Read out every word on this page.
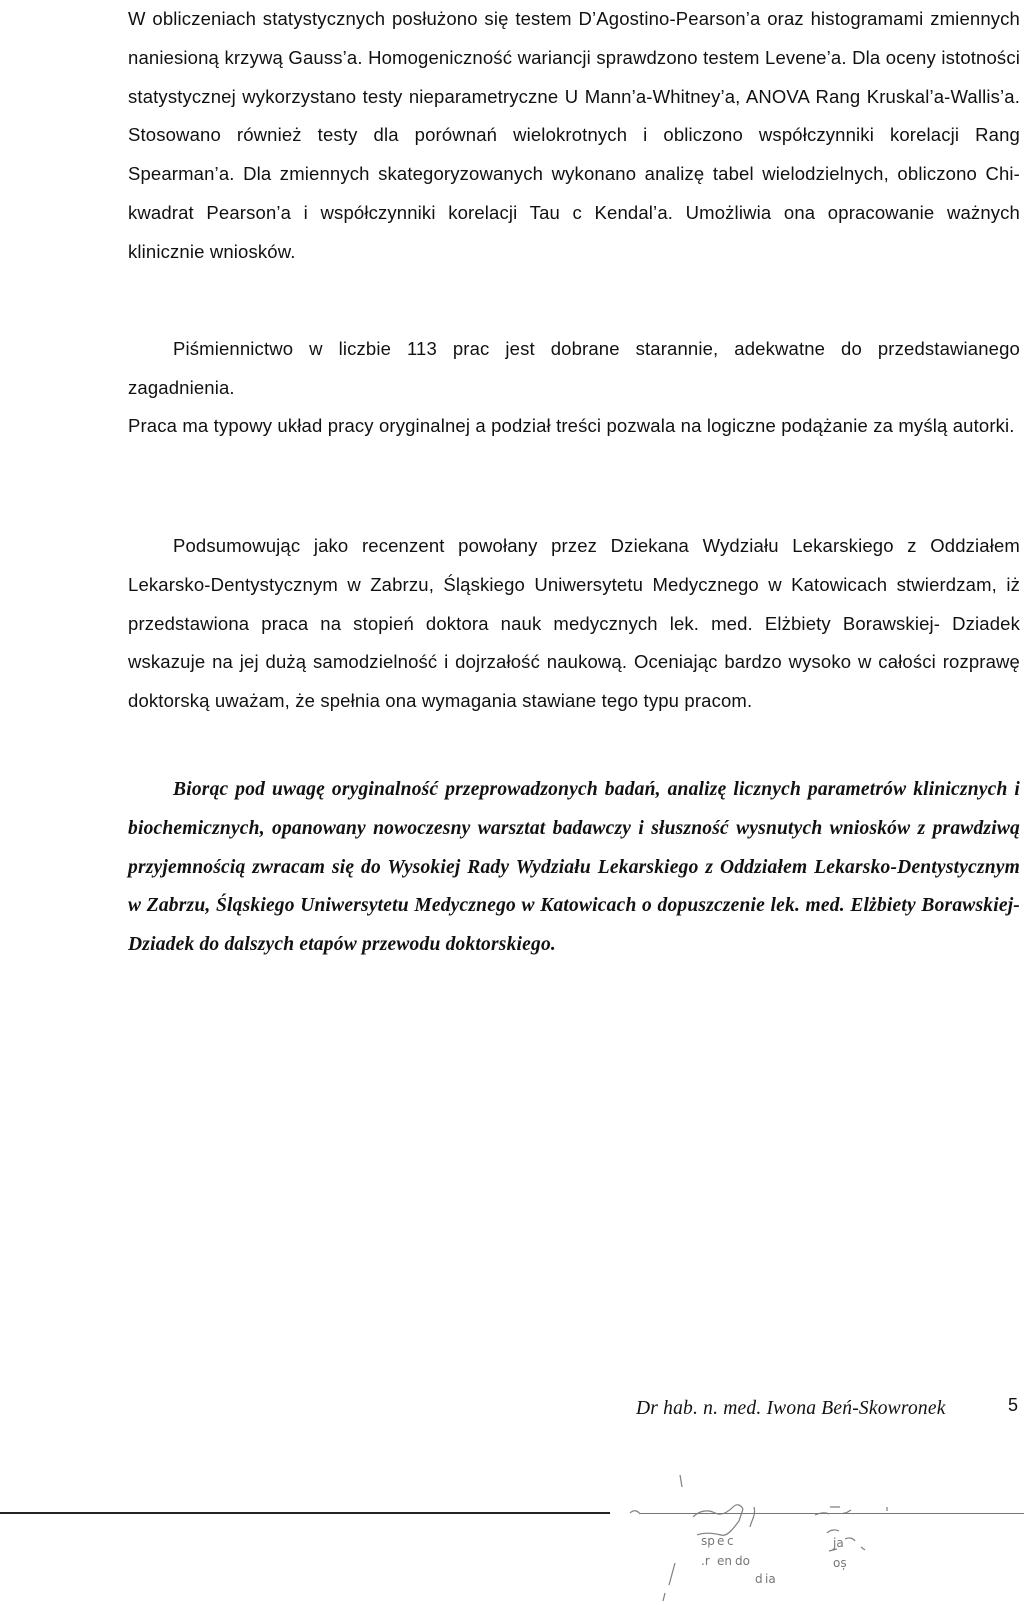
W obliczeniach statystycznych posłużono się testem D’Agostino-Pearson’a oraz histogramami zmiennych naniesioną krzywą Gauss’a. Homogeniczność wariancji sprawdzono testem Levene’a. Dla oceny istotności statystycznej wykorzystano testy nieparametryczne U Mann’a-Whitney’a, ANOVA Rang Kruskal’a-Wallis’a. Stosowano również testy dla porównań wielokrotnych i obliczono współczynniki korelacji Rang Spearman’a. Dla zmiennych skategoryzowanych wykonano analizę tabel wielodzielnych, obliczono Chi-kwadrat Pearson’a i współczynniki korelacji Tau c Kendal’a. Umożliwia ona opracowanie ważnych klinicznie wniosków.

Piśmiennictwo w liczbie 113 prac jest dobrane starannie, adekwatne do przedstawianego zagadnienia.

Praca ma typowy układ pracy oryginalnej a podział treści pozwala na logiczne podążanie za myślą autorki.

Podsumowując jako recenzent powołany przez Dziekana Wydziału Lekarskiego z Oddziałem Lekarsko-Dentystycznym w Zabrzu, Śląskiego Uniwersytetu Medycznego w Katowicach stwierdzam, iż przedstawiona praca na stopień doktora nauk medycznych lek. med. Elżbiety Borawskiej- Dziadek wskazuje na jej dużą samodzielność i dojrzałość naukową. Oceniając bardzo wysoko w całości rozprawę doktorską uważam, że spełnia ona wymagania stawiane tego typu pracom.

Biorąc pod uwagę oryginalność przeprowadzonych badań, analizę licznych parametrów klinicznych i biochemicznych, opanowany nowoczesny warsztat badawczy i słuszność wysnutych wniosków z prawdziwą przyjemnością zwracam się do Wysokiej Rady Wydziału Lekarskiego z Oddziałem Lekarsko-Dentystycznym w Zabrzu, Śląskiego Uniwersytetu Medycznego w Katowicach o dopuszczenie lek. med. Elżbiety Borawskiej- Dziadek do dalszych etapów przewodu doktorskiego.

Dr hab. n. med. Iwona Beń-Skowronek
sp e c
.r en do
d ia
ja
oș
5
